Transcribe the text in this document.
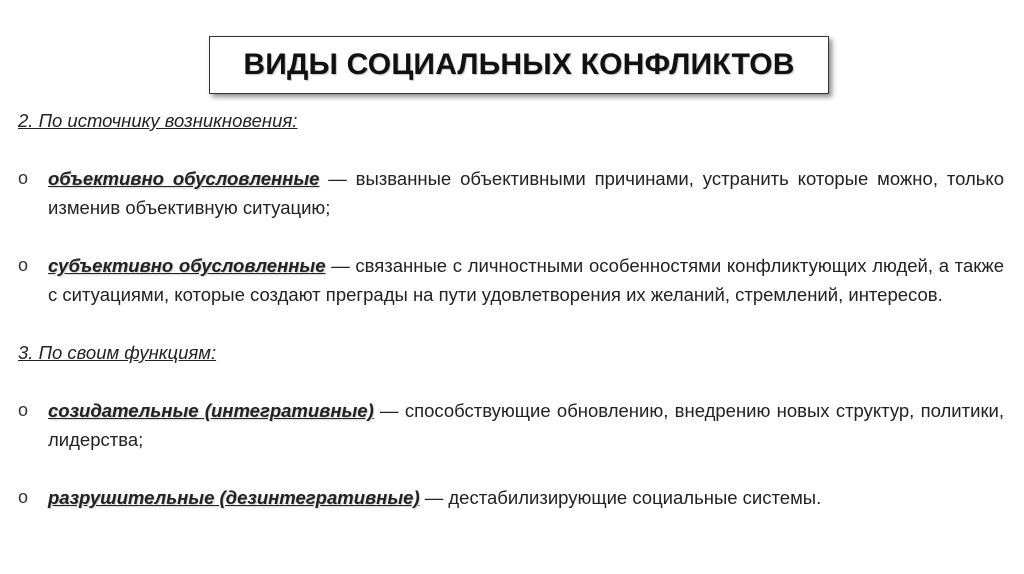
ВИДЫ СОЦИАЛЬНЫХ КОНФЛИКТОВ

2. По источнику возникновения:

o	объективно обусловленные — вызванные объективными причинами, устранить которые можно, только изменив объективную ситуацию;
o	субъективно обусловленные — связанные с личностными особенностями конфликтующих людей, а также с ситуациями, которые создают преграды на пути удовлетворения их желаний, стремлений, интересов.

3. По своим функциям:

o	созидательные (интегративные) — способствующие обновлению, внедрению новых структур, политики, лидерства;
o	разрушительные (дезинтегративные) — дестабилизирующие социальные системы.
